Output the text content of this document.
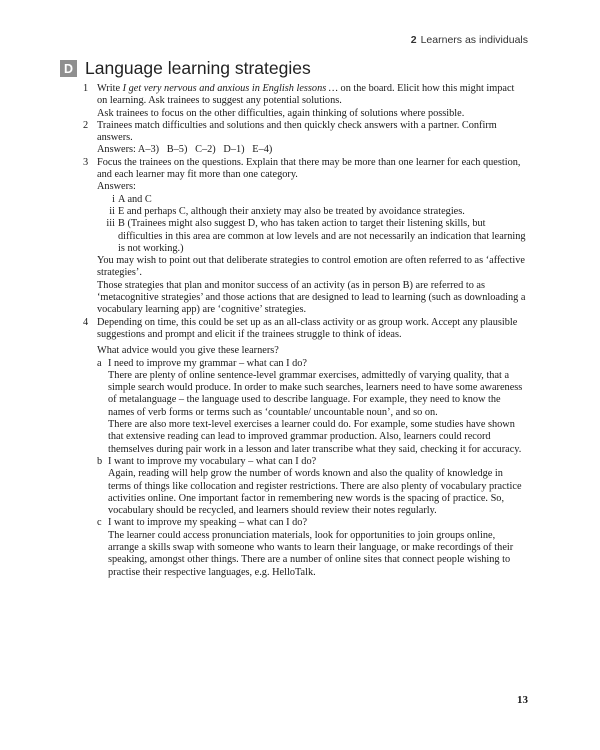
2 Learners as individuals
D Language learning strategies
1 Write I get very nervous and anxious in English lessons … on the board. Elicit how this might impact on learning. Ask trainees to suggest any potential solutions.

Ask trainees to focus on the other difficulties, again thinking of solutions where possible.

2 Trainees match difficulties and solutions and then quickly check answers with a partner. Confirm answers.

Answers: A–3)   B–5)   C–2)   D–1)   E–4)

3 Focus the trainees on the questions. Explain that there may be more than one learner for each question, and each learner may fit more than one category.

Answers:

i A and C
ii E and perhaps C, although their anxiety may also be treated by avoidance strategies.
iii B (Trainees might also suggest D, who has taken action to target their listening skills, but difficulties in this area are common at low levels and are not necessarily an indication that learning is not working.)

You may wish to point out that deliberate strategies to control emotion are often referred to as ‘affective strategies’.

Those strategies that plan and monitor success of an activity (as in person B) are referred to as ‘metacognitive strategies’ and those actions that are designed to lead to learning (such as downloading a vocabulary learning app) are ‘cognitive’ strategies.

4 Depending on time, this could be set up as an all-class activity or as group work. Accept any plausible suggestions and prompt and elicit if the trainees struggle to think of ideas.

What advice would you give these learners?

a I need to improve my grammar – what can I do?

There are plenty of online sentence-level grammar exercises, admittedly of varying quality, that a simple search would produce. In order to make such searches, learners need to have some awareness of metalanguage – the language used to describe language. For example, they need to know the names of verb forms or terms such as ‘countable/ uncountable noun’, and so on.

There are also more text-level exercises a learner could do. For example, some studies have shown that extensive reading can lead to improved grammar production. Also, learners could record themselves during pair work in a lesson and later transcribe what they said, checking it for accuracy.

b I want to improve my vocabulary – what can I do?

Again, reading will help grow the number of words known and also the quality of knowledge in terms of things like collocation and register restrictions. There are also plenty of vocabulary practice activities online. One important factor in remembering new words is the spacing of practice. So, vocabulary should be recycled, and learners should review their notes regularly.

c I want to improve my speaking – what can I do?

The learner could access pronunciation materials, look for opportunities to join groups online, arrange a skills swap with someone who wants to learn their language, or make recordings of their speaking, amongst other things. There are a number of online sites that connect people wishing to practise their respective languages, e.g. HelloTalk.

13
